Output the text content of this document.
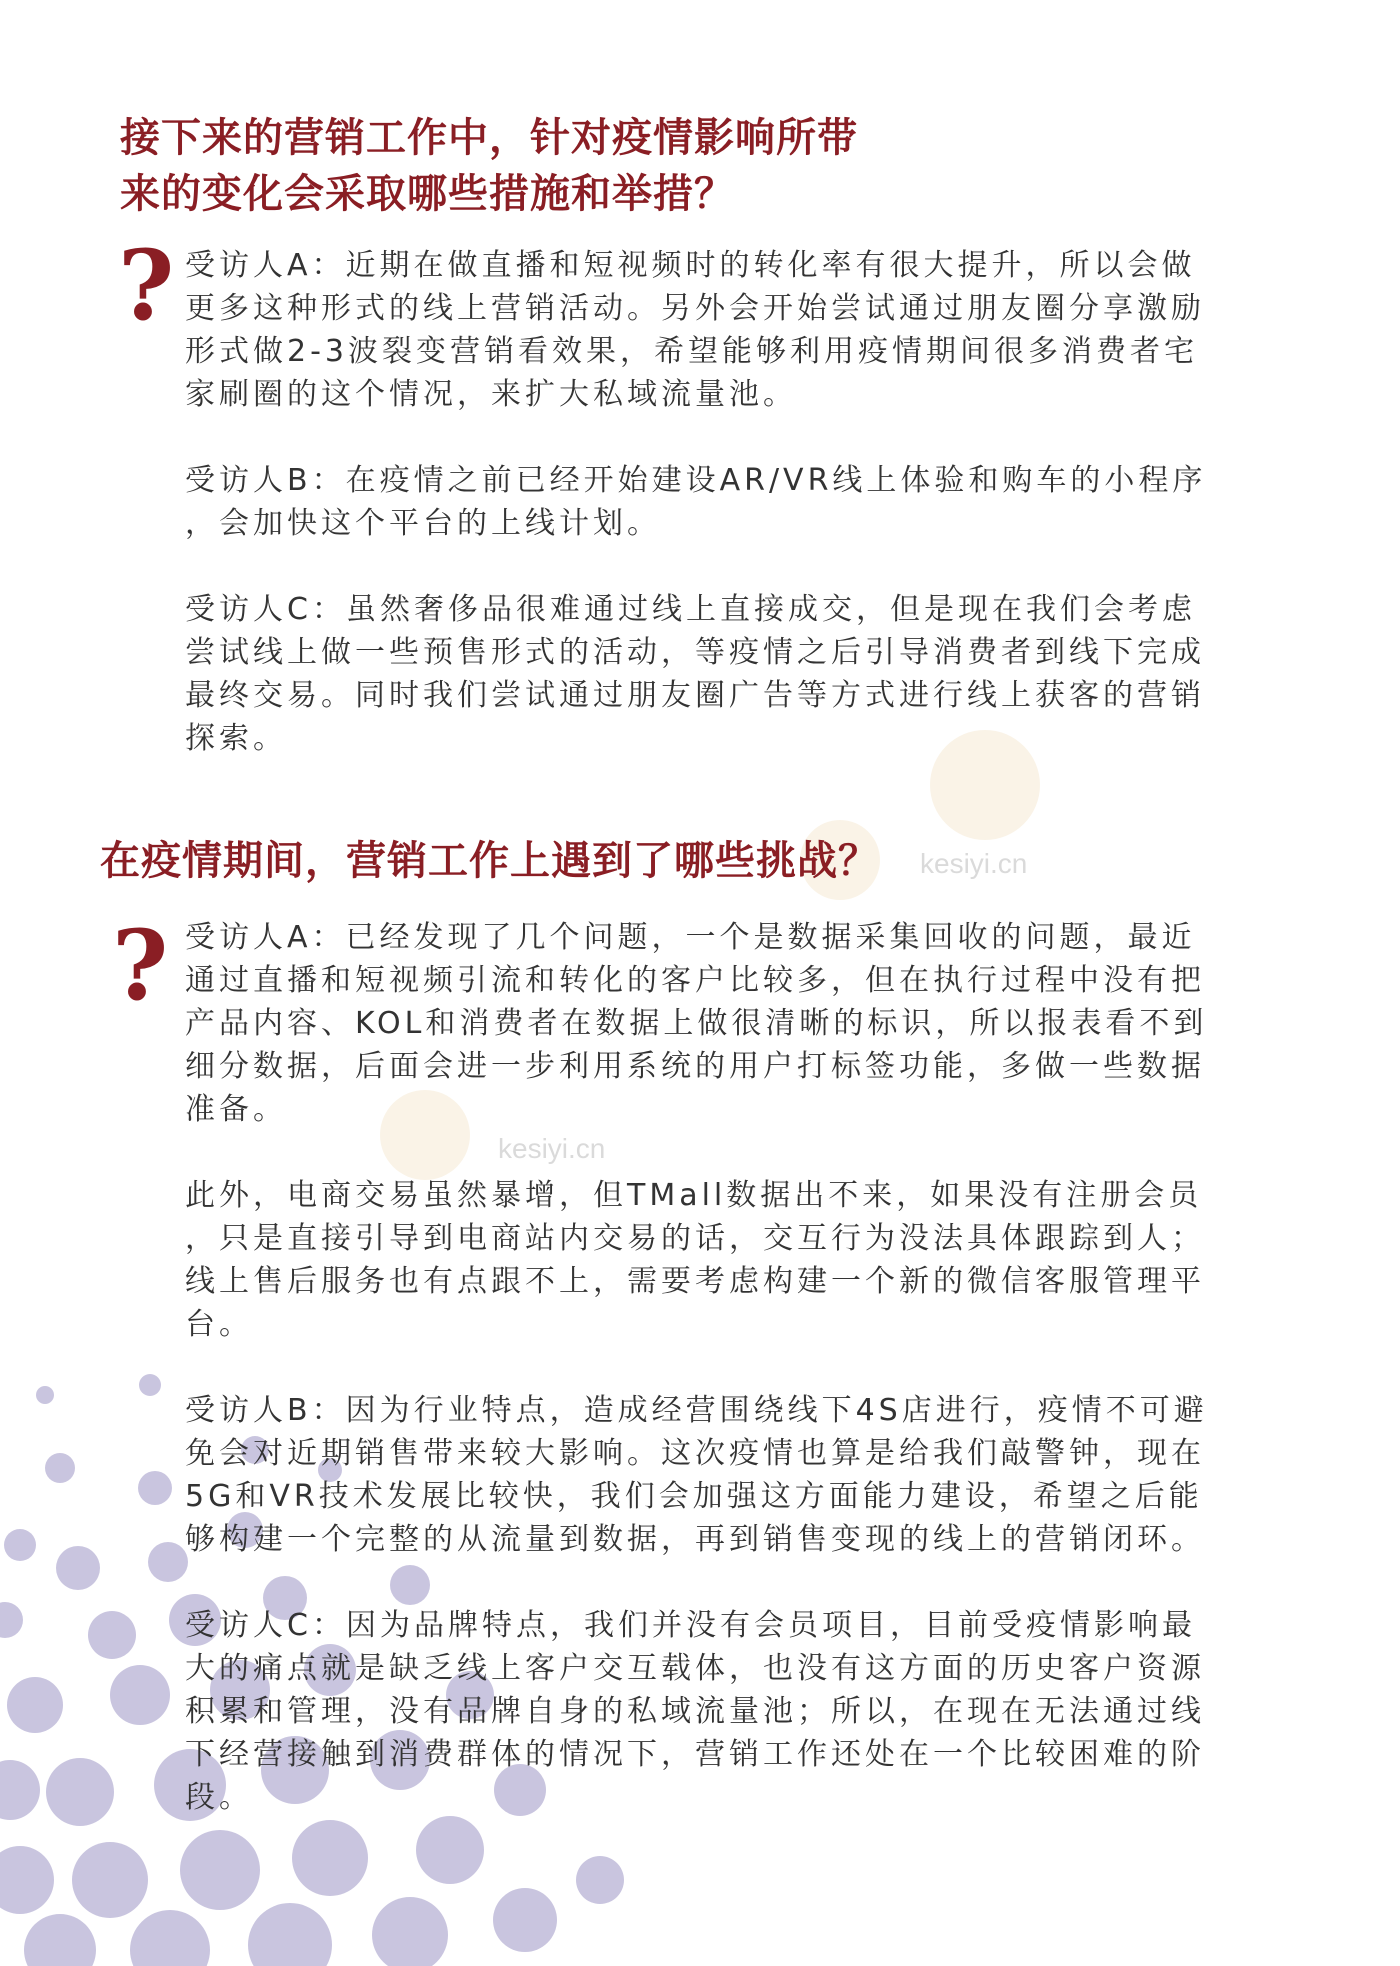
kesiyi.cn
kesiyi.cn
接下来的营销工作中，针对疫情影响所带
来的变化会采取哪些措施和举措？
? 受访人A：近期在做直播和短视频时的转化率有很大提升，所以会做
更多这种形式的线上营销活动。另外会开始尝试通过朋友圈分享激励
形式做2-3波裂变营销看效果，希望能够利用疫情期间很多消费者宅
家刷圈的这个情况，来扩大私域流量池。

受访人B：在疫情之前已经开始建设AR/VR线上体验和购车的小程序
，会加快这个平台的上线计划。

受访人C：虽然奢侈品很难通过线上直接成交，但是现在我们会考虑
尝试线上做一些预售形式的活动，等疫情之后引导消费者到线下完成
最终交易。同时我们尝试通过朋友圈广告等方式进行线上获客的营销
探索。

在疫情期间，营销工作上遇到了哪些挑战？
? 受访人A：已经发现了几个问题，一个是数据采集回收的问题，最近
通过直播和短视频引流和转化的客户比较多，但在执行过程中没有把
产品内容、KOL和消费者在数据上做很清晰的标识，所以报表看不到
细分数据，后面会进一步利用系统的用户打标签功能，多做一些数据
准备。

此外，电商交易虽然暴增，但TMall数据出不来，如果没有注册会员
，只是直接引导到电商站内交易的话，交互行为没法具体跟踪到人；
线上售后服务也有点跟不上，需要考虑构建一个新的微信客服管理平
台。

受访人B：因为行业特点，造成经营围绕线下4S店进行，疫情不可避
免会对近期销售带来较大影响。这次疫情也算是给我们敲警钟，现在
5G和VR技术发展比较快，我们会加强这方面能力建设，希望之后能
够构建一个完整的从流量到数据，再到销售变现的线上的营销闭环。

受访人C：因为品牌特点，我们并没有会员项目，目前受疫情影响最
大的痛点就是缺乏线上客户交互载体，也没有这方面的历史客户资源
积累和管理，没有品牌自身的私域流量池；所以，在现在无法通过线
下经营接触到消费群体的情况下，营销工作还处在一个比较困难的阶
段。
